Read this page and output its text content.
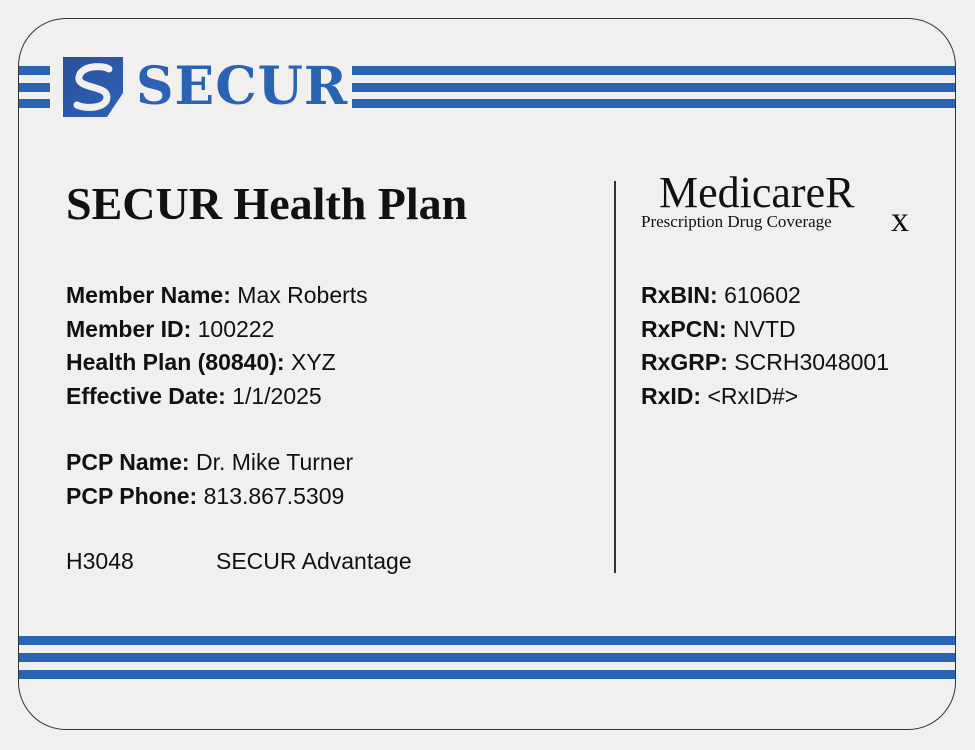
SECUR
SECUR Health Plan
Member Name: Max Roberts
Member ID: 100222
Health Plan (80840): XYZ
Effective Date: 1/1/2025
PCP Name: Dr. Mike Turner
PCP Phone: 813.867.5309
H3048	SECUR Advantage
MedicareR
x
Prescription Drug Coverage
RxBIN: 610602
RxPCN: NVTD
RxGRP: SCRH3048001
RxID: <RxID#>
